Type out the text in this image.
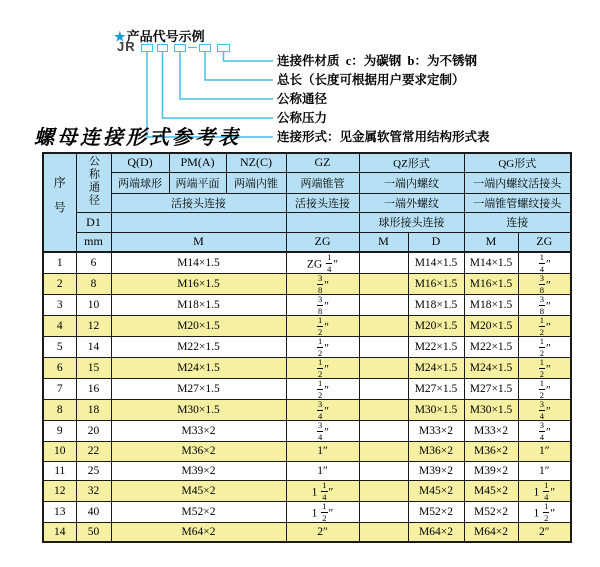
★产品代号示例
JR
连接件材质  c：为碳钢  b：为不锈钢
总长（长度可根据用户要求定制）
公称通径
公称压力
连接形式：见金属软管常用结构形式表
螺母连接形式参考表
序号	公称通径	Q(D)	PM(A)	NZ(C)	GZ	QZ形式		QG形式	
		两端球形	两端平面	两端内锥	两端锥管	一端内螺纹		一端内螺纹活接头	
		活接头连接			活接头连接	一端外螺纹		一端锥管螺纹接头	
	D1					球形接头连接		连接	
	mm	M			ZG	M	D	M	ZG
1	6	M14×1.5			ZG $\frac{1}{4}$ ″		M14×1.5	M14×1.5	$\frac{1}{4}$ ″
2	8	M16×1.5			$\frac{3}{8}$ ″		M16×1.5	M16×1.5	$\frac{3}{8}$ ″
3	10	M18×1.5			$\frac{3}{8}$ ″		M18×1.5	M18×1.5	$\frac{3}{8}$ ″
4	12	M20×1.5			$\frac{1}{2}$ ″		M20×1.5	M20×1.5	$\frac{1}{2}$ ″
5	14	M22×1.5			$\frac{1}{2}$ ″		M22×1.5	M22×1.5	$\frac{1}{2}$ ″
6	15	M24×1.5			$\frac{1}{2}$ ″		M24×1.5	M24×1.5	$\frac{1}{2}$ ″
7	16	M27×1.5			$\frac{1}{2}$ ″		M27×1.5	M27×1.5	$\frac{1}{2}$ ″
8	18	M30×1.5			$\frac{3}{4}$ ″		M30×1.5	M30×1.5	$\frac{3}{4}$ ″
9	20	M33×2			$\frac{3}{4}$ ″		M33×2	M33×2	$\frac{3}{4}$ ″
10	22	M36×2			1″		M36×2	M36×2	1″
11	25	M39×2			1″		M39×2	M39×2	1″
12	32	M45×2			$1 \frac{1}{4}$ ″		M45×2	M45×2	$1 \frac{1}{4}$ ″
13	40	M52×2			$1 \frac{1}{2}$ ″		M52×2	M52×2	$1 \frac{1}{2}$ ″
14	50	M64×2			2″		M64×2	M64×2	2″
